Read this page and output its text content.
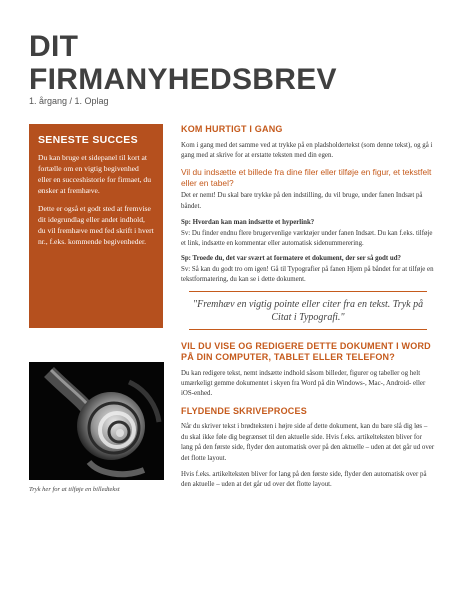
DIT
FIRMANYHEDSBREV
1. årgang / 1. Oplag
SENESTE SUCCES

Du kan bruge et sidepanel til kort at fortælle om en vigtig begivenhed eller en succeshistorie for firmaet, du ønsker at fremhæve.

Dette er også et godt sted at fremvise dit idegrundlag eller andet indhold, du vil fremhæve med fed skrift i hvert nr., f.eks. kommende begivenheder.

Tryk her for at tilføje en billedtekst
KOM HURTIGT I GANG

Kom i gang med det samme ved at trykke på en pladsholdertekst (som denne tekst), og gå i gang med at skrive for at erstatte teksten med din egen.

Vil du indsætte et billede fra dine filer eller tilføje en figur, et tekstfelt eller en tabel?

Det er nemt! Du skal bare trykke på den indstilling, du vil bruge, under fanen Indsæt på båndet.

Sp: Hvordan kan man indsætte et hyperlink?
Sv: Du finder endnu flere brugervenlige værktøjer under fanen Indsæt. Du kan f.eks. tilføje et link, indsætte en kommentar eller automatisk sidenummerering.

Sp: Troede du, det var svært at formatere et dokument, der ser så godt ud?
Sv: Så kan du godt tro om igen! Gå til Typografier på fanen Hjem på båndet for at tilføje en tekstformatering, du kan se i dette dokument.

"Fremhæv en vigtig pointe eller citer fra en tekst. Tryk på Citat i Typografi."
VIL DU VISE OG REDIGERE DETTE DOKUMENT I WORD PÅ DIN COMPUTER, TABLET ELLER TELEFON?

Du kan redigere tekst, nemt indsætte indhold såsom billeder, figurer og tabeller og helt umærkeligt gemme dokumentet i skyen fra Word på din Windows-, Mac-, Android- eller iOS-enhed.

FLYDENDE SKRIVEPROCES

Når du skriver tekst i brødteksten i højre side af dette dokument, kan du bare slå dig løs – du skal ikke føle dig begrænset til den aktuelle side. Hvis f.eks. artikelteksten bliver for lang på den første side, flyder den automatisk over på den aktuelle – uden at det går ud over det flotte layout.

Hvis f.eks. artikelteksten bliver for lang på den første side, flyder den automatisk over på den aktuelle – uden at det går ud over det flotte layout.
